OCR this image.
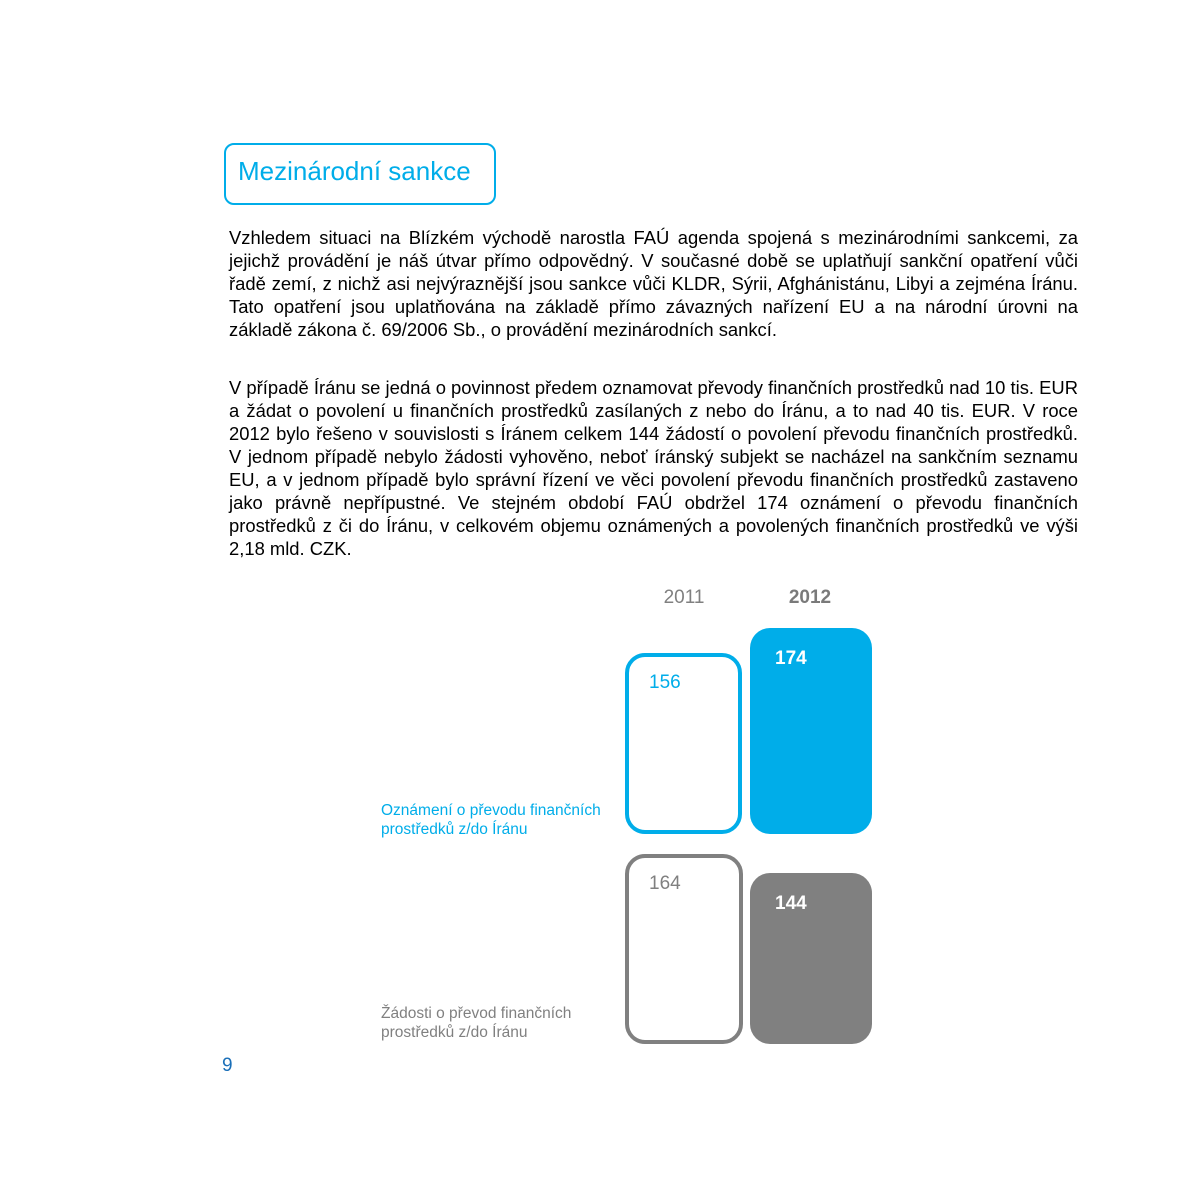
Mezinárodní sankce

Vzhledem situaci na Blízkém východě narostla FAÚ agenda spojená s mezinárodními sankcemi, za jejichž provádění je náš útvar přímo odpovědný. V současné době se uplatňují sankční opatření vůči řadě zemí, z nichž asi nejvýraznější jsou sankce vůči KLDR, Sýrii, Afghánistánu, Libyi a zejména Íránu. Tato opatření jsou uplatňována na základě přímo závazných nařízení EU a na národní úrovni na základě zákona č. 69/2006 Sb., o provádění mezinárodních sankcí.

V případě Íránu se jedná o povinnost předem oznamovat převody finančních prostředků nad 10 tis. EUR a žádat o povolení u finančních prostředků zasílaných z nebo do Íránu, a to nad 40 tis. EUR. V roce 2012 bylo řešeno v souvislosti s Íránem celkem 144 žádostí o povolení převodu finančních prostředků. V jednom případě nebylo žádosti vyhověno, neboť íránský subjekt se nacházel na sankčním seznamu EU, a v jednom případě bylo správní řízení ve věci povolení převodu finančních prostředků zastaveno jako právně nepřípustné. Ve stejném období FAÚ obdržel 174 oznámení o převodu finančních prostředků z či do Íránu, v celkovém objemu oznámených a povolených finančních prostředků ve výši 2,18 mld. CZK.

2011	2012
156
174
Oznámení o převodu finančních prostředků z/do Íránu
164
144
Žádosti o převod finančních prostředků z/do Íránu
9
